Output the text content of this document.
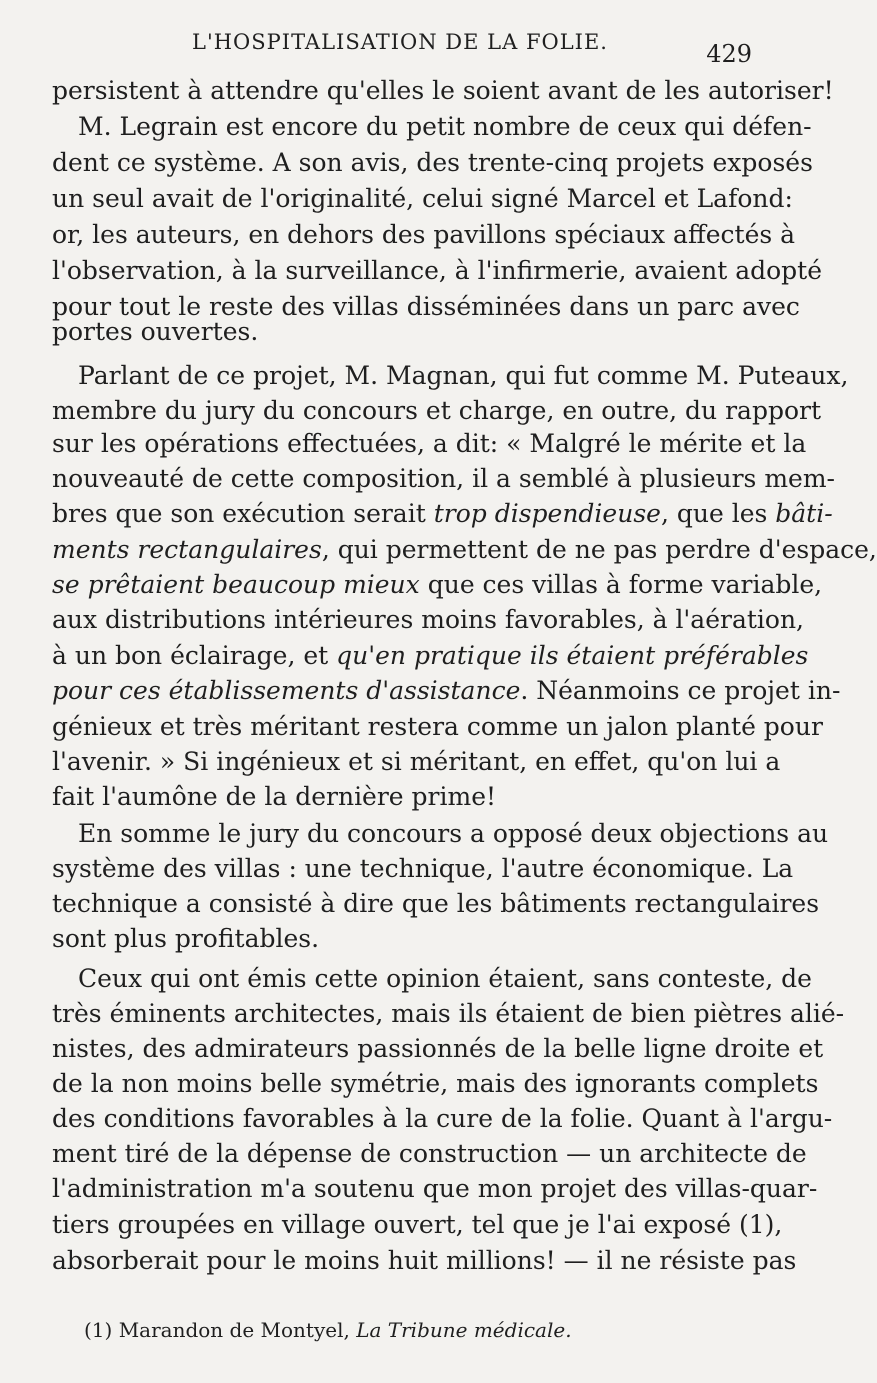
L'HOSPITALISATION DE LA FOLIE.	429
persistent à attendre qu'elles le soient avant de les autoriser!
M. Legrain est encore du petit nombre de ceux qui défen-
dent ce système. A son avis, des trente-cinq projets exposés
un seul avait de l'originalité, celui signé Marcel et Lafond:
or, les auteurs, en dehors des pavillons spéciaux affectés à
l'observation, à la surveillance, à l'infirmerie, avaient adopté
pour tout le reste des villas disséminées dans un parc avec
portes ouvertes.
Parlant de ce projet, M. Magnan, qui fut comme M. Puteaux,
membre du jury du concours et charge, en outre, du rapport
sur les opérations effectuées, a dit: « Malgré le mérite et la
nouveauté de cette composition, il a semblé à plusieurs mem-
bres que son exécution serait trop dispendieuse, que les bâti-
ments rectangulaires, qui permettent de ne pas perdre d'espace,
se prêtaient beaucoup mieux que ces villas à forme variable,
aux distributions intérieures moins favorables, à l'aération,
à un bon éclairage, et qu'en pratique ils étaient préférables
pour ces établissements d'assistance. Néanmoins ce projet in-
génieux et très méritant restera comme un jalon planté pour
l'avenir. » Si ingénieux et si méritant, en effet, qu'on lui a
fait l'aumône de la dernière prime!
En somme le jury du concours a opposé deux objections au
système des villas : une technique, l'autre économique. La
technique a consisté à dire que les bâtiments rectangulaires
sont plus profitables.
Ceux qui ont émis cette opinion étaient, sans conteste, de
très éminents architectes, mais ils étaient de bien piètres alié-
nistes, des admirateurs passionnés de la belle ligne droite et
de la non moins belle symétrie, mais des ignorants complets
des conditions favorables à la cure de la folie. Quant à l'argu-
ment tiré de la dépense de construction — un architecte de
l'administration m'a soutenu que mon projet des villas-quar-
tiers groupées en village ouvert, tel que je l'ai exposé (1),
absorberait pour le moins huit millions! — il ne résiste pas
(1) Marandon de Montyel, La Tribune médicale.
